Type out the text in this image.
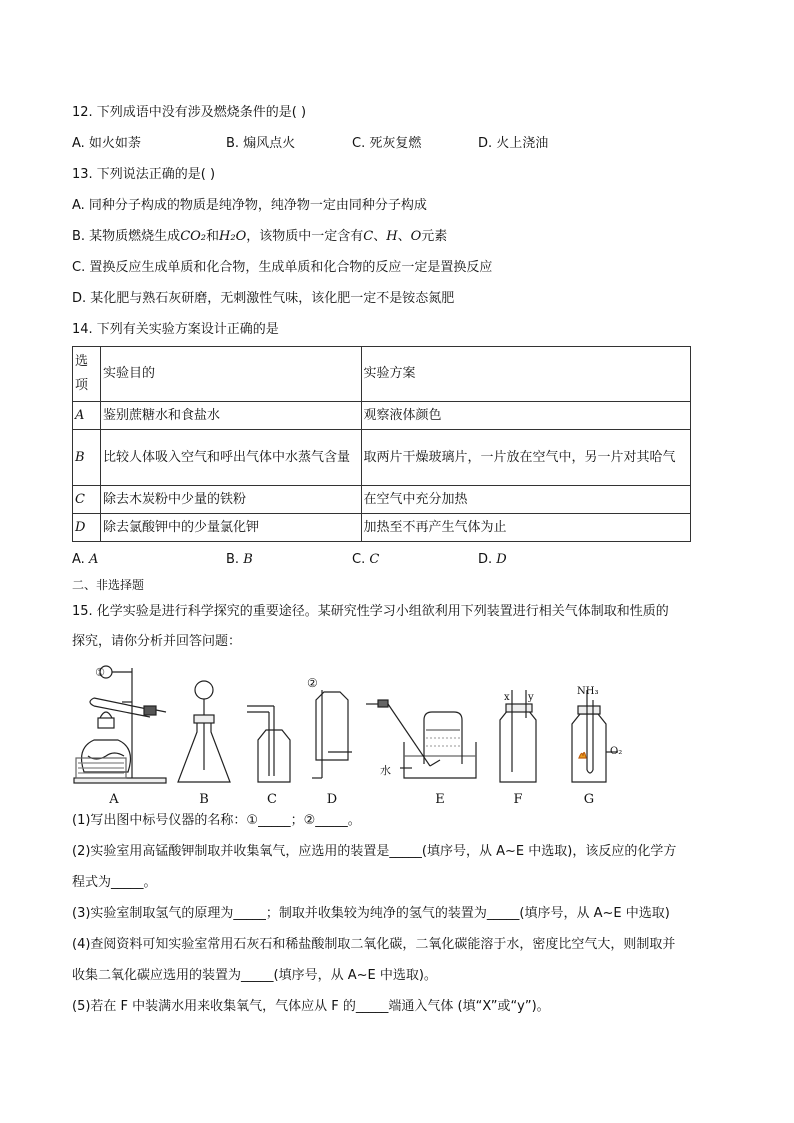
12. 下列成语中没有涉及燃烧条件的是( )
A. 如火如荼	B. 煽风点火	C. 死灰复燃	D. 火上浇油
13. 下列说法正确的是( )
A. 同种分子构成的物质是纯净物，纯净物一定由同种分子构成
B. 某物质燃烧生成CO₂和H₂O，该物质中一定含有C、H、O元素
C. 置换反应生成单质和化合物，生成单质和化合物的反应一定是置换反应
D. 某化肥与熟石灰研磨，无刺激性气味，该化肥一定不是铵态氮肥
14. 下列有关实验方案设计正确的是
选项	实验目的	实验方案
A	鉴别蔗糖水和食盐水	观察液体颜色
B	比较人体吸入空气和呼出气体中水蒸气含量	取两片干燥玻璃片，一片放在空气中，另一片对其哈气
C	除去木炭粉中少量的铁粉	在空气中充分加热
D	除去氯酸钾中的少量氯化钾	加热至不再产生气体为止
A. A	B. B	C. C	D. D
二、非选择题
15. 化学实验是进行科学探究的重要途径。某研究性学习小组欲利用下列装置进行相关气体制取和性质的
探究，请你分析并回答问题：
A	B	C	D	E	F	G
①
②
水
x y
NH₃
O₂
(1)写出图中标号仪器的名称：①_____；②_____。
(2)实验室用高锰酸钾制取并收集氧气，应选用的装置是_____(填序号，从 A~E 中选取)，该反应的化学方
程式为_____。
(3)实验室制取氢气的原理为_____；制取并收集较为纯净的氢气的装置为_____(填序号，从 A~E 中选取)
(4)查阅资料可知实验室常用石灰石和稀盐酸制取二氧化碳，二氧化碳能溶于水，密度比空气大，则制取并
收集二氧化碳应选用的装置为_____(填序号，从 A~E 中选取)。
(5)若在 F 中装满水用来收集氧气，气体应从 F 的_____端通入气体 (填“X”或“y”)。
